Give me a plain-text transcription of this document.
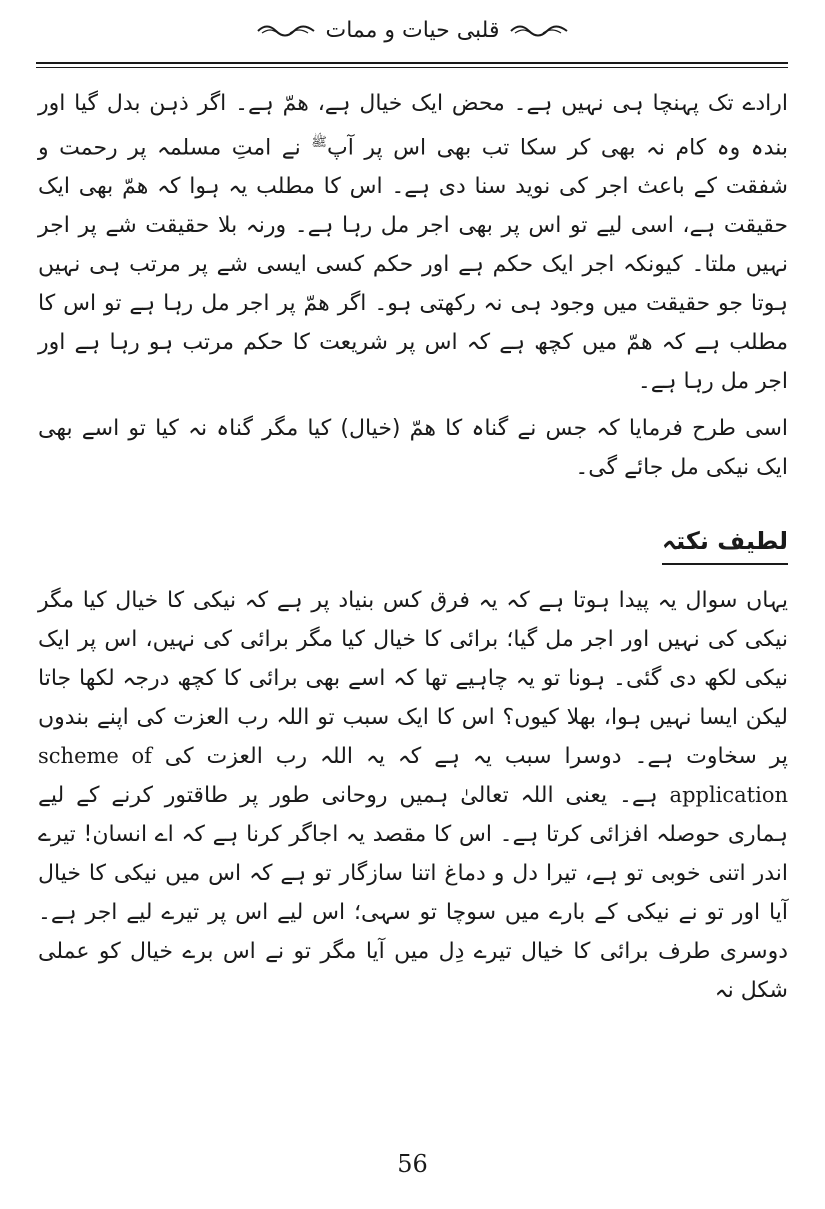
قلبی حیات و ممات

ارادے تک پہنچا ہی نہیں ہے۔ محض ایک خیال ہے، ھمّ ہے۔ اگر ذہن بدل گیا اور بندہ وہ کام نہ بھی کر سکا تب بھی اس پر آپ$^ﷺ$ نے امتِ مسلمہ پر رحمت و شفقت کے باعث اجر کی نوید سنا دی ہے۔ اس کا مطلب یہ ہوا کہ ھمّ بھی ایک حقیقت ہے، اسی لیے تو اس پر بھی اجر مل رہا ہے۔ ورنہ بلا حقیقت شے پر اجر نہیں ملتا۔ کیونکہ اجر ایک حکم ہے اور حکم کسی ایسی شے پر مرتب ہی نہیں ہوتا جو حقیقت میں وجود ہی نہ رکھتی ہو۔ اگر ھمّ پر اجر مل رہا ہے تو اس کا مطلب ہے کہ ھمّ میں کچھ ہے کہ اس پر شریعت کا حکم مرتب ہو رہا ہے اور اجر مل رہا ہے۔

اسی طرح فرمایا کہ جس نے گناہ کا ھمّ (خیال) کیا مگر گناہ نہ کیا تو اسے بھی ایک نیکی مل جائے گی۔

لطیف نکتہ

یہاں سوال یہ پیدا ہوتا ہے کہ یہ فرق کس بنیاد پر ہے کہ نیکی کا خیال کیا مگر نیکی کی نہیں اور اجر مل گیا؛ برائی کا خیال کیا مگر برائی کی نہیں، اس پر ایک نیکی لکھ دی گئی۔ ہونا تو یہ چاہیے تھا کہ اسے بھی برائی کا کچھ درجہ لکھا جاتا لیکن ایسا نہیں ہوا، بھلا کیوں؟ اس کا ایک سبب تو اللہ رب العزت کی اپنے بندوں پر سخاوت ہے۔ دوسرا سبب یہ ہے کہ یہ اللہ رب العزت کی scheme of application ہے۔ یعنی اللہ تعالیٰ ہمیں روحانی طور پر طاقتور کرنے کے لیے ہماری حوصلہ افزائی کرتا ہے۔ اس کا مقصد یہ اجاگر کرنا ہے کہ اے انسان! تیرے اندر اتنی خوبی تو ہے، تیرا دل و دماغ اتنا سازگار تو ہے کہ اس میں نیکی کا خیال آیا اور تو نے نیکی کے بارے میں سوچا تو سہی؛ اس لیے اس پر تیرے لیے اجر ہے۔ دوسری طرف برائی کا خیال تیرے دِل میں آیا مگر تو نے اس برے خیال کو عملی شکل نہ

56
